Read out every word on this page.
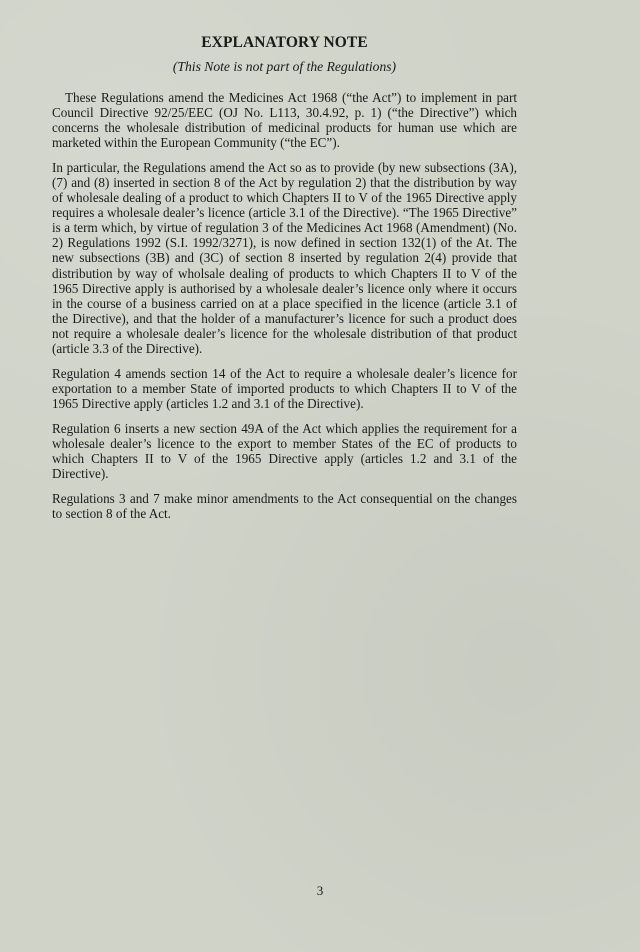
EXPLANATORY NOTE
(This Note is not part of the Regulations)

These Regulations amend the Medicines Act 1968 (“the Act”) to implement in part Council Directive 92/25/EEC (OJ No. L113, 30.4.92, p. 1) (“the Directive”) which concerns the wholesale distribution of medicinal products for human use which are marketed within the European Community (“the EC”).

In particular, the Regulations amend the Act so as to provide (by new subsections (3A), (7) and (8) inserted in section 8 of the Act by regulation 2) that the distribution by way of wholesale dealing of a product to which Chapters II to V of the 1965 Directive apply requires a wholesale dealer’s licence (article 3.1 of the Directive). “The 1965 Directive” is a term which, by virtue of regulation 3 of the Medicines Act 1968 (Amendment) (No. 2) Regulations 1992 (S.I. 1992/3271), is now defined in section 132(1) of the At. The new subsections (3B) and (3C) of section 8 inserted by regulation 2(4) provide that distribution by way of wholsale dealing of products to which Chapters II to V of the 1965 Directive apply is authorised by a wholesale dealer’s licence only where it occurs in the course of a business carried on at a place specified in the licence (article 3.1 of the Directive), and that the holder of a manufacturer’s licence for such a product does not require a wholesale dealer’s licence for the wholesale distribution of that product (article 3.3 of the Directive).

Regulation 4 amends section 14 of the Act to require a wholesale dealer’s licence for exportation to a member State of imported products to which Chapters II to V of the 1965 Directive apply (articles 1.2 and 3.1 of the Directive).

Regulation 6 inserts a new section 49A of the Act which applies the requirement for a wholesale dealer’s licence to the export to member States of the EC of products to which Chapters II to V of the 1965 Directive apply (articles 1.2 and 3.1 of the Directive).

Regulations 3 and 7 make minor amendments to the Act consequential on the changes to section 8 of the Act.

3
